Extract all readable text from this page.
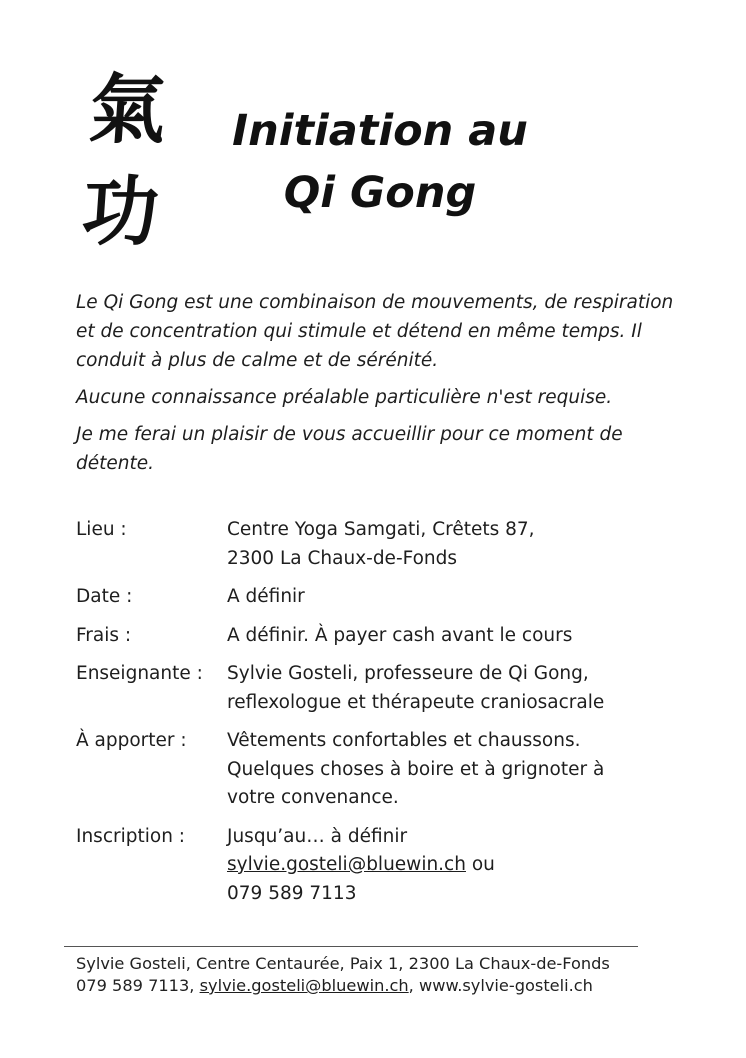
氣
功
Initiation au
Qi Gong

Le Qi Gong est une combinaison de mouvements, de respiration et de concentration qui stimule et détend en même temps. Il conduit à plus de calme et de sérénité.

Aucune connaissance préalable particulière n'est requise.

Je me ferai un plaisir de vous accueillir pour ce moment de détente.

Lieu :	Centre Yoga Samgati, Crêtets 87,
2300 La Chaux-de-Fonds
Date :	A définir
Frais :	A définir. À payer cash avant le cours
Enseignante :	Sylvie Gosteli, professeure de Qi Gong,
reflexologue et thérapeute craniosacrale
À apporter :	Vêtements confortables et chaussons.
Quelques choses à boire et à grignoter à
votre convenance.
Inscription :	Jusqu’au… à définir
sylvie.gosteli@bluewin.ch ou
079 589 7113
Sylvie Gosteli, Centre Centaurée, Paix 1, 2300 La Chaux-de-Fonds
079 589 7113, sylvie.gosteli@bluewin.ch, www.sylvie-gosteli.ch
